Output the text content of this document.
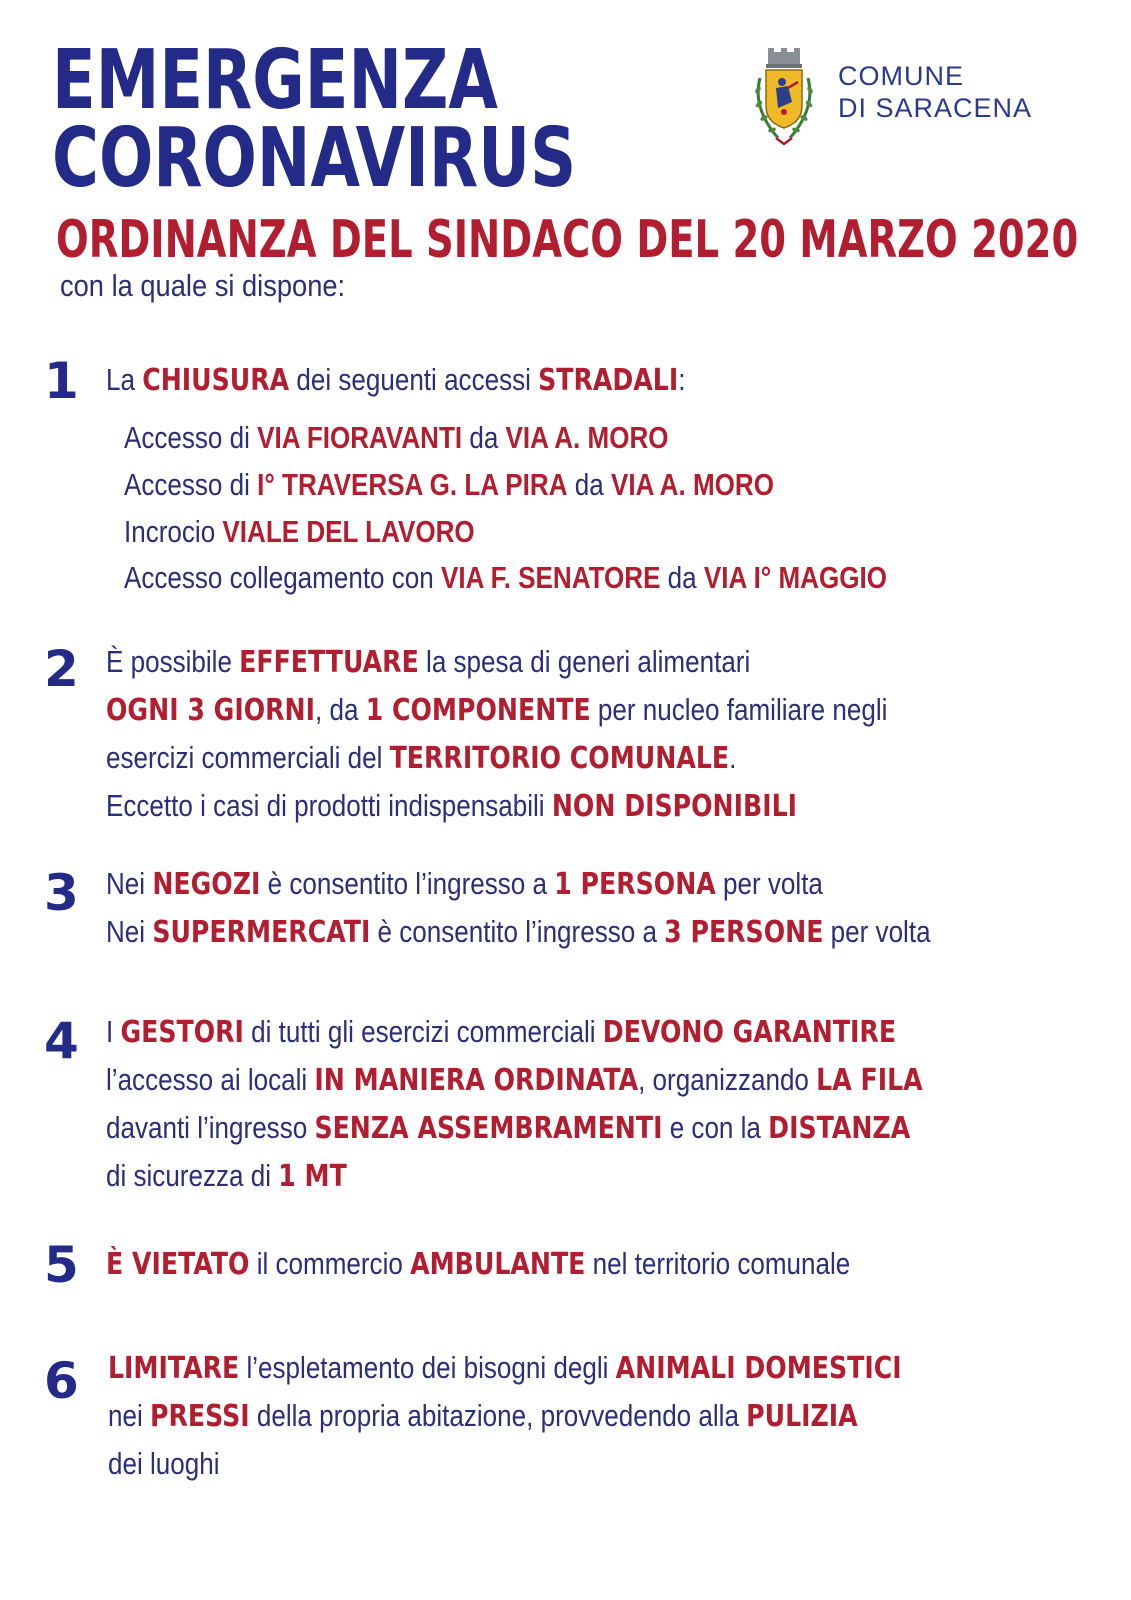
EMERGENZA
CORONAVIRUS
COMUNE
DI SARACENA
ORDINANZA DEL SINDACO DEL 20 MARZO 2020
con la quale si dispone:
1 La CHIUSURA dei seguenti accessi STRADALI:
Accesso di VIA FIORAVANTI da VIA A. MORO
Accesso di I° TRAVERSA G. LA PIRA da VIA A. MORO
Incrocio VIALE DEL LAVORO
Accesso collegamento con VIA F. SENATORE da VIA I° MAGGIO
2 È possibile EFFETTUARE la spesa di generi alimentari
OGNI 3 GIORNI, da 1 COMPONENTE per nucleo familiare negli
esercizi commerciali del TERRITORIO COMUNALE.
Eccetto i casi di prodotti indispensabili NON DISPONIBILI
3 Nei NEGOZI è consentito l’ingresso a 1 PERSONA per volta
Nei SUPERMERCATI è consentito l’ingresso a 3 PERSONE per volta
4 I GESTORI di tutti gli esercizi commerciali DEVONO GARANTIRE
l’accesso ai locali IN MANIERA ORDINATA, organizzando LA FILA
davanti l’ingresso SENZA ASSEMBRAMENTI e con la DISTANZA
di sicurezza di 1 MT
5 È VIETATO il commercio AMBULANTE nel territorio comunale
6 LIMITARE l’espletamento dei bisogni degli ANIMALI DOMESTICI
nei PRESSI della propria abitazione, provvedendo alla PULIZIA
dei luoghi
